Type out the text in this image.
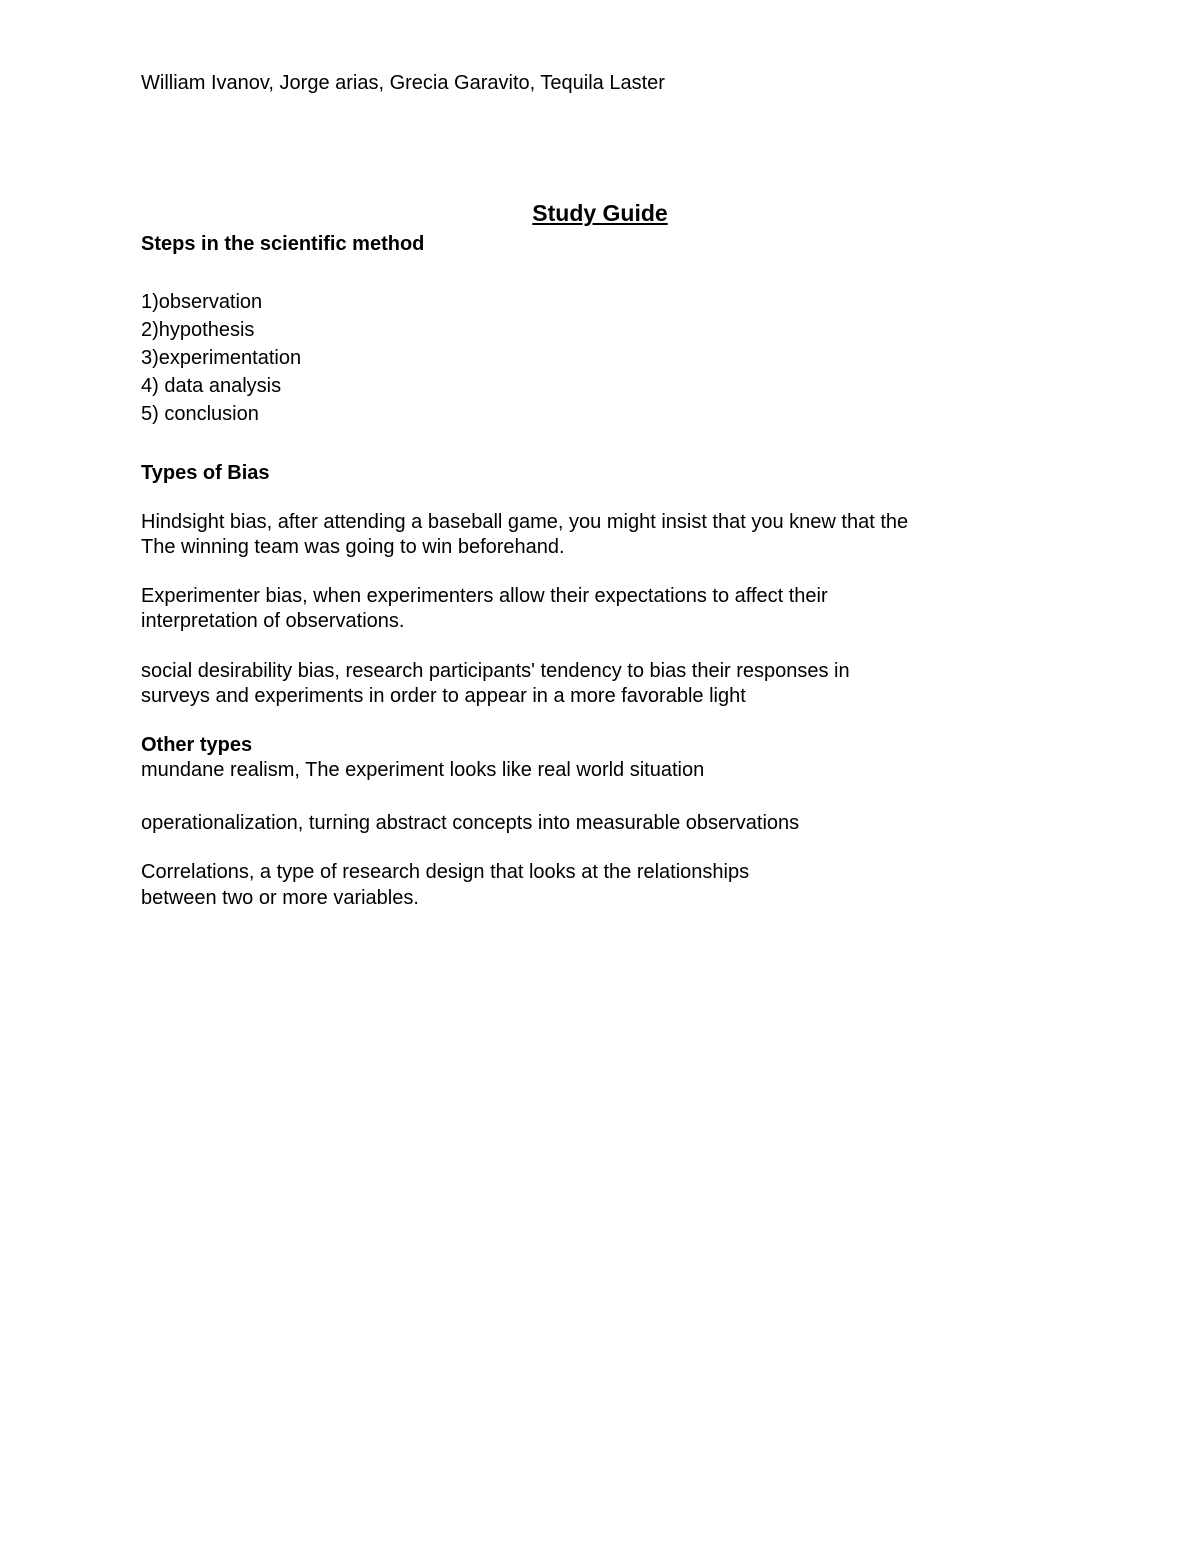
William Ivanov, Jorge arias, Grecia Garavito, Tequila Laster
Study Guide
Steps in the scientific method
1)observation
2)hypothesis
3)experimentation
4) data analysis
5) conclusion
Types of Bias
Hindsight bias, after attending a baseball game, you might insist that you knew that the
The winning team was going to win beforehand.
Experimenter bias, when experimenters allow their expectations to affect their
interpretation of observations.
social desirability bias, research participants' tendency to bias their responses in
surveys and experiments in order to appear in a more favorable light
Other types
mundane realism, The experiment looks like real world situation
operationalization, turning abstract concepts into measurable observations
Correlations, a type of research design that looks at the relationships
between two or more variables.
